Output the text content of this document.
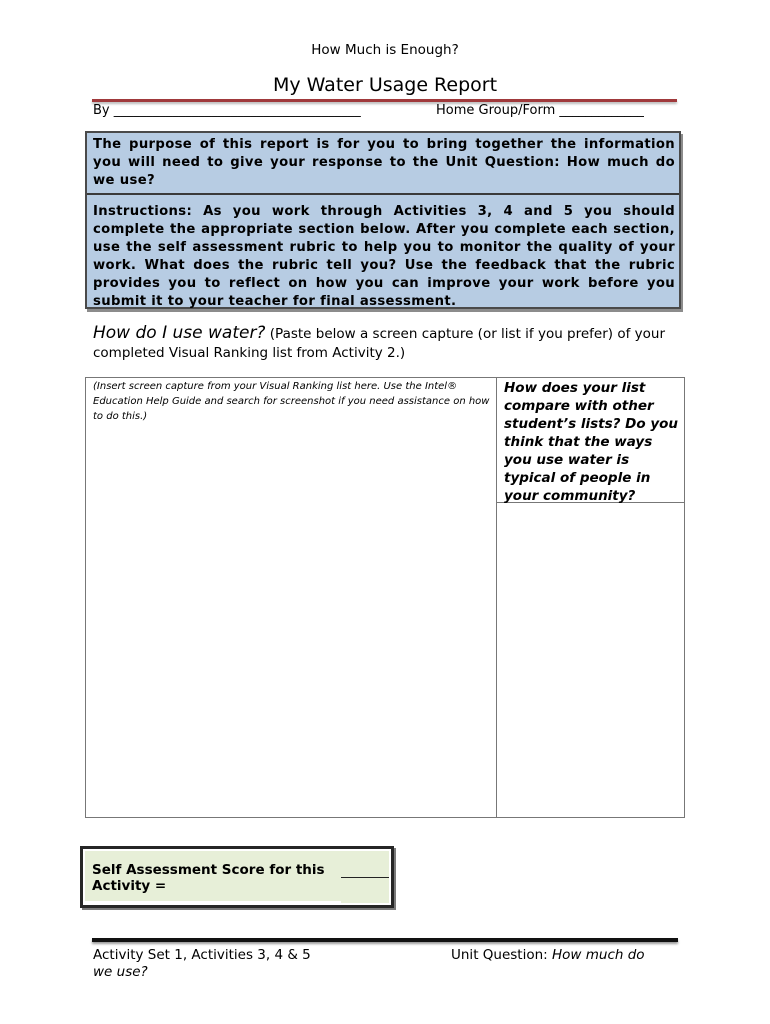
How Much is Enough?
My Water Usage Report
By ______________________________________	Home Group/Form _____________
The purpose of this report is for you to bring together the information you will need to give your response to the Unit Question: How much do we use?
Instructions: As you work through Activities 3, 4 and 5 you should complete the appropriate section below. After you complete each section, use the self assessment rubric to help you to monitor the quality of your work. What does the rubric tell you? Use the feedback that the rubric provides you to reflect on how you can improve your work before you submit it to your teacher for final assessment.
How do I use water? (Paste below a screen capture (or list if you prefer) of your completed Visual Ranking list from Activity 2.)
(Insert screen capture from your Visual Ranking list here. Use the Intel® Education Help Guide and search for screenshot if you need assistance on how to do this.)
How does your list compare with other student’s lists? Do you think that the ways you use water is typical of people in your community?
Self Assessment Score for this Activity =
Activity Set 1, Activities 3, 4 & 5
we use?
Unit Question: How much do
